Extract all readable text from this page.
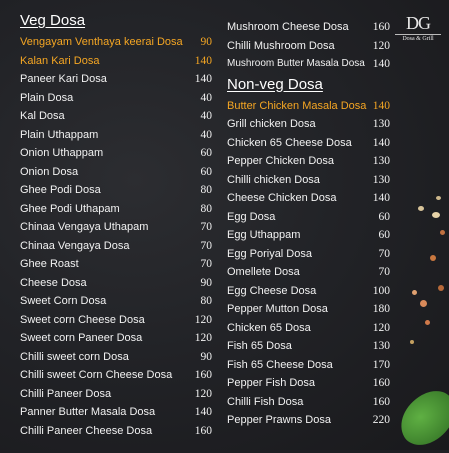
Veg Dosa
Vengayam Venthaya keerai Dosa 90
Kalan Kari Dosa	140
Paneer Kari Dosa	140
Plain Dosa	40
Kal Dosa	40
Plain Uthappam	40
Onion Uthappam	60
Onion Dosa	60
Ghee Podi Dosa	80
Ghee Podi Uthapam	80
Chinaa Vengaya Uthapam	70
Chinaa Vengaya Dosa	70
Ghee Roast	70
Cheese Dosa	90
Sweet Corn Dosa	80
Sweet corn Cheese Dosa	120
Sweet corn Paneer Dosa	120
Chilli sweet corn Dosa	90
Chilli sweet Corn Cheese Dosa 160
Chilli Paneer Dosa	120
Panner Butter Masala Dosa	140
Chilli Paneer Cheese Dosa	160
Mushroom Cheese Dosa 160
Chilli Mushroom Dosa	120
Mushroom Butter Masala Dosa 140
Non-veg Dosa
Butter Chicken Masala Dosa 140
Grill chicken Dosa	130
Chicken 65 Cheese Dosa 140
Pepper Chicken Dosa	130
Chilli chicken Dosa	130
Cheese Chicken Dosa	140
Egg Dosa	60
Egg Uthappam	60
Egg Poriyal Dosa	70
Omellete Dosa	70
Egg Cheese Dosa	100
Pepper Mutton Dosa	180
Chicken 65 Dosa	120
Fish 65 Dosa	130
Fish 65 Cheese Dosa	170
Pepper Fish Dosa	160
Chilli Fish Dosa	160
Pepper Prawns Dosa	220
DG
Dosa & Grill
